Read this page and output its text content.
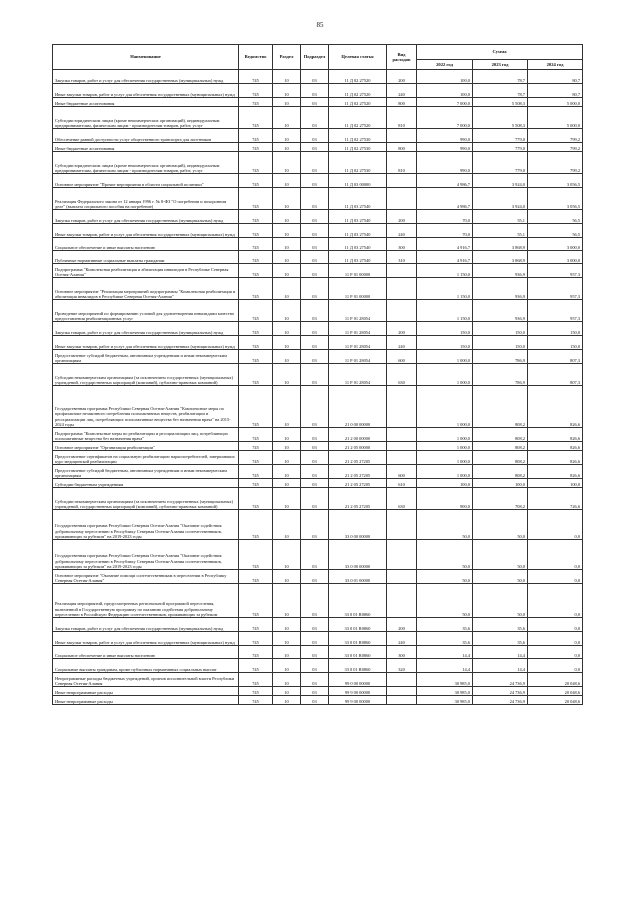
85
Наименование	Ведомство	Раздел	Подраздел	Целевая статья	Вид расходов	Сумма		
						2022 год	2023 год	2024 год
Закупка товаров, работ и услуг для обеспечения государственных (муниципальных) нужд	745	10	03	11 Д 02 27520	200	100,0	78,7	80,7
Иные закупки товаров, работ и услуг для обеспечения государственных (муниципальных) нужд	745	10	03	11 Д 02 27520	240	100,0	78,7	80,7
Иные бюджетные ассигнования	745	10	03	11 Д 02 27520	800	7 000,0	5 508,3	5 000,0
Субсидии юридическим лицам (кроме некоммерческих организаций), индивидуальным предпринимателям, физическим лицам - производителям товаров, работ, услуг	745	10	03	11 Д 02 27520	810	7 000,0	5 508,3	5 000,0
Обеспечение равной доступности услуг общественного транспорта для льготников	745	10	03	11 Д 02 27530		990,0	779,0	799,2
Иные бюджетные ассигнования	745	10	03	11 Д 02 27530	800	990,0	779,0	799,2
Субсидии юридическим лицам (кроме некоммерческих организаций), индивидуальным предпринимателям, физическим лицам - производителям товаров, работ, услуг	745	10	03	11 Д 02 27530	810	990,0	779,0	799,2
Основное мероприятие "Прочие мероприятия в области социальной политики"	745	10	03	11 Д 03 00000		4 986,7	3 924,0	3 056,5
Реализация Федерального закона от 12 января 1996 г. № 8-ФЗ "О погребении и похоронном деле" (выплата социального пособия на погребение)	745	10	03	11 Д 03 27540		4 986,7	3 924,0	3 056,5
Закупка товаров, работ и услуг для обеспечения государственных (муниципальных) нужд	745	10	03	11 Д 03 27540	200	70,0	55,1	56,5
Иные закупки товаров, работ и услуг для обеспечения государственных (муниципальных) нужд	745	10	03	11 Д 03 27540	240	70,0	55,1	56,5
Социальное обеспечение и иные выплаты населению	745	10	03	11 Д 03 27540	300	4 916,7	3 868,9	3 000,0
Публичные нормативные социальные выплаты гражданам	745	10	03	11 Д 03 27540	310	4 916,7	3 868,9	3 000,0
Подпрограмма "Комплексная реабилитация и абилитация инвалидов в Республике Северная Осетия-Алания"	745	10	03	11 Р 01 00000		1 150,0	936,9	957,3
Основное мероприятие "Реализация мероприятий подпрограммы "Комплексная реабилитация и абилитация инвалидов в Республике Северная Осетия-Алания"	745	10	03	11 Р 01 00000		1 150,0	936,9	957,3
Проведение мероприятий по формированию условий для удовлетворения инвалидами качества предоставления реабилитационных услуг	745	10	03	11 Р 01 28054		1 150,0	936,9	957,3
Закупка товаров, работ и услуг для обеспечения государственных (муниципальных) нужд	745	10	03	11 Р 01 28054	200	150,0	150,0	150,0
Иные закупки товаров, работ и услуг для обеспечения государственных (муниципальных) нужд	745	10	03	11 Р 01 28054	240	150,0	150,0	150,0
Предоставление субсидий бюджетным, автономным учреждениям и иным некоммерческим организациям	745	10	03	11 Р 01 28054	600	1 000,0	786,9	807,3
Субсидии некоммерческим организациям (за исключением государственных (муниципальных) учреждений, государственных корпораций (компаний), публично-правовых компаний)	745	10	03	11 Р 01 28054	630	1 000,0	786,9	807,3
Государственная программа Республики Северная Осетия-Алания "Комплексные меры по профилактике незаконного потребления психоактивных веществ, реабилитации и ресоциализации лиц, потребляющих психоактивные вещества без назначения врача" на 2015-2024 годы	745	10	03	21 0 00 00000		1 000,0	808,2	826,6
Подпрограмма "Комплексные меры по реабилитации и ресоциализации лиц, потребляющих психоактивные вещества без назначения врача"	745	10	03	21 2 00 00000		1 000,0	808,2	826,6
Основное мероприятие "Организация реабилитации"	745	10	03	21 2 05 00000		1 000,0	808,2	826,6
Предоставление сертификатов на социальную реабилитацию наркопотребителей, завершивших курс медицинской реабилитации	745	10	03	21 2 05 27205		1 000,0	808,2	826,6
Предоставление субсидий бюджетным, автономным учреждениям и иным некоммерческим организациям	745	10	03	21 2 05 27205	600	1 000,0	808,2	826,6
Субсидии бюджетным учреждениям	745	10	03	21 2 05 27205	610	100,0	100,0	100,0
Субсидии некоммерческим организациям (за исключением государственных (муниципальных) учреждений, государственных корпораций (компаний), публично-правовых компаний)	745	10	03	21 2 05 27205	630	900,0	708,2	726,6
Государственная программа Республики Северная Осетия-Алания "Оказание содействия добровольному переселению в Республику Северная Осетия-Алания соотечественников, проживающих за рубежом" на 2019-2023 годы	745	10	03	33 0 00 00000		50,0	50,0	0,0
Государственная программа Республики Северная Осетия-Алания "Оказание содействия добровольному переселению в Республику Северная Осетия-Алания соотечественников, проживающих за рубежом" на 2019-2023 годы	745	10	03	33 0 00 00000		50,0	50,0	0,0
Основное мероприятие "Оказание помощи соотечественникам в переселении в Республику Северная Осетия-Алания"	745	10	03	33 0 01 00000		50,0	50,0	0,0
Реализация мероприятий, предусмотренных региональной программой переселения, включенной в Государственную программу по оказанию содействия добровольному переселению в Российскую Федерацию соотечественников, проживающих за рубежом	745	10	03	33 0 01 R0860		50,0	50,0	0,0
Закупка товаров, работ и услуг для обеспечения государственных (муниципальных) нужд	745	10	03	33 0 01 R0860	200	35,6	35,6	0,0
Иные закупки товаров, работ и услуг для обеспечения государственных (муниципальных) нужд	745	10	03	33 0 01 R0860	240	35,6	35,6	0,0
Социальное обеспечение и иные выплаты населению	745	10	03	33 0 01 R0860	300	14,4	14,4	0,0
Социальные выплаты гражданам, кроме публичных нормативных социальных выплат	745	10	03	33 0 01 R0860	320	14,4	14,4	0,0
Непрограммные расходы бюджетных учреждений, органов исполнительной власти Республики Северная Осетия-Алания	745	10	03	99 0 00 00000		30 985,0	24 736,9	20 048,6
Иные непрограммные расходы	745	10	03	99 9 00 00000		30 985,0	24 736,9	20 048,6
Иные непрограммные расходы	745	10	03	99 9 00 00000		30 985,0	24 736,9	20 048,6
